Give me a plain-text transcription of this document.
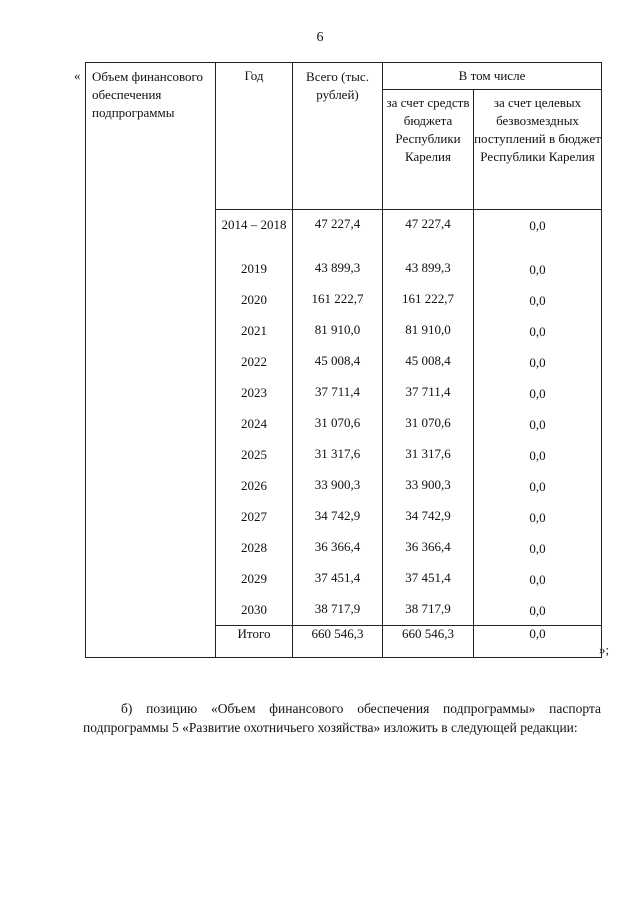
6
«
»;
Объем финансового обеспечения подпрограммы	Год	Всего (тыс. рублей)	В том числе	

			за счет средств бюджета Республики Карелия	за счет целевых безвозмездных поступлений в бюджет Республики Карелия

	2014 – 2018	47 227,4	47 227,4	0,0

	2019	43 899,3	43 899,3	0,0

	2020	161 222,7	161 222,7	0,0

	2021	81 910,0	81 910,0	0,0

	2022	45 008,4	45 008,4	0,0

	2023	37 711,4	37 711,4	0,0

	2024	31 070,6	31 070,6	0,0

	2025	31 317,6	31 317,6	0,0

	2026	33 900,3	33 900,3	0,0

	2027	34 742,9	34 742,9	0,0

	2028	36 366,4	36 366,4	0,0

	2029	37 451,4	37 451,4	0,0

	2030	38 717,9	38 717,9	0,0

	Итого	660 546,3	660 546,3	0,0

б) позицию «Объем финансового обеспечения подпрограммы» паспорта подпрограммы 5 «Развитие охотничьего хозяйства» изложить в следующей редакции:
